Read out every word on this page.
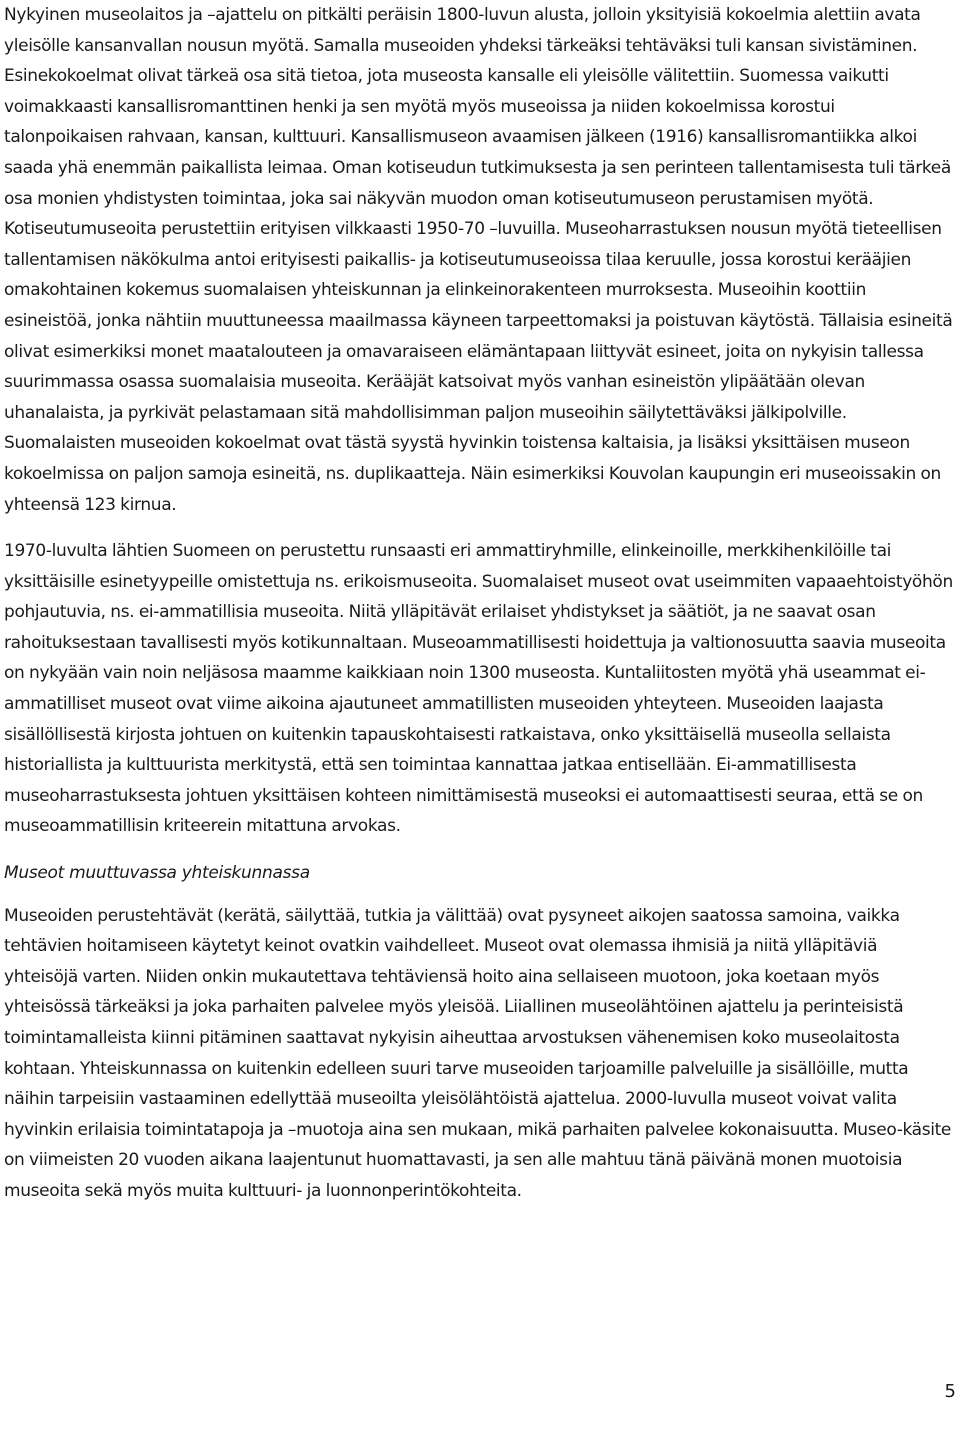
Nykyinen museolaitos ja –ajattelu on pitkälti peräisin 1800-luvun alusta, jolloin yksityisiä kokoelmia alettiin avata yleisölle kansanvallan nousun myötä. Samalla museoiden yhdeksi tärkeäksi tehtäväksi tuli kansan sivistäminen. Esinekokoelmat olivat tärkeä osa sitä tietoa, jota museosta kansalle eli yleisölle välitettiin. Suomessa vaikutti voimakkaasti kansallisromanttinen henki ja sen myötä myös museoissa ja niiden kokoelmissa korostui talonpoikaisen rahvaan, kansan, kulttuuri. Kansallismuseon avaamisen jälkeen (1916) kansallisromantiikka alkoi saada yhä enemmän paikallista leimaa. Oman kotiseudun tutkimuksesta ja sen perinteen tallentamisesta tuli tärkeä osa monien yhdistysten toimintaa, joka sai näkyvän muodon oman kotiseutumuseon perustamisen myötä. Kotiseutumuseoita perustettiin erityisen vilkkaasti 1950-70 –luvuilla. Museoharrastuksen nousun myötä tieteellisen tallentamisen näkökulma antoi erityisesti paikallis- ja kotiseutumuseoissa tilaa keruulle, jossa korostui kerääjien omakohtainen kokemus suomalaisen yhteiskunnan ja elinkeinorakenteen murroksesta. Museoihin koottiin esineistöä, jonka nähtiin muuttuneessa maailmassa käyneen tarpeettomaksi ja poistuvan käytöstä. Tällaisia esineitä olivat esimerkiksi monet maatalouteen ja omavaraiseen elämäntapaan liittyvät esineet, joita on nykyisin tallessa suurimmassa osassa suomalaisia museoita. Kerääjät katsoivat myös vanhan esineistön ylipäätään olevan uhanalaista, ja pyrkivät pelastamaan sitä mahdollisimman paljon museoihin säilytettäväksi jälkipolville. Suomalaisten museoiden kokoelmat ovat tästä syystä hyvinkin toistensa kaltaisia, ja lisäksi yksittäisen museon kokoelmissa on paljon samoja esineitä, ns. duplikaatteja. Näin esimerkiksi Kouvolan kaupungin eri museoissakin on yhteensä 123 kirnua.

1970-luvulta lähtien Suomeen on perustettu runsaasti eri ammattiryhmille, elinkeinoille, merkkihenkilöille tai yksittäisille esinetyypeille omistettuja ns. erikoismuseoita. Suomalaiset museot ovat useimmiten vapaaehtoistyöhön pohjautuvia, ns. ei-ammatillisia museoita. Niitä ylläpitävät erilaiset yhdistykset ja säätiöt, ja ne saavat osan rahoituksestaan tavallisesti myös kotikunnaltaan. Museoammatillisesti hoidettuja ja valtionosuutta saavia museoita on nykyään vain noin neljäsosa maamme kaikkiaan noin 1300 museosta. Kuntaliitosten myötä yhä useammat ei-ammatilliset museot ovat viime aikoina ajautuneet ammatillisten museoiden yhteyteen. Museoiden laajasta sisällöllisestä kirjosta johtuen on kuitenkin tapauskohtaisesti ratkaistava, onko yksittäisellä museolla sellaista historiallista ja kulttuurista merkitystä, että sen toimintaa kannattaa jatkaa entisellään. Ei-ammatillisesta museoharrastuksesta johtuen yksittäisen kohteen nimittämisestä museoksi ei automaattisesti seuraa, että se on museoammatillisin kriteerein mitattuna arvokas.

Museot muuttuvassa yhteiskunnassa

Museoiden perustehtävät (kerätä, säilyttää, tutkia ja välittää) ovat pysyneet aikojen saatossa samoina, vaikka tehtävien hoitamiseen käytetyt keinot ovatkin vaihdelleet. Museot ovat olemassa ihmisiä ja niitä ylläpitäviä yhteisöjä varten. Niiden onkin mukautettava tehtäviensä hoito aina sellaiseen muotoon, joka koetaan myös yhteisössä tärkeäksi ja joka parhaiten palvelee myös yleisöä. Liiallinen museolähtöinen ajattelu ja perinteisistä toimintamalleista kiinni pitäminen saattavat nykyisin aiheuttaa arvostuksen vähenemisen koko museolaitosta kohtaan. Yhteiskunnassa on kuitenkin edelleen suuri tarve museoiden tarjoamille palveluille ja sisällöille, mutta näihin tarpeisiin vastaaminen edellyttää museoilta yleisölähtöistä ajattelua. 2000-luvulla museot voivat valita hyvinkin erilaisia toimintatapoja ja –muotoja aina sen mukaan, mikä parhaiten palvelee kokonaisuutta. Museo-käsite on viimeisten 20 vuoden aikana laajentunut huomattavasti, ja sen alle mahtuu tänä päivänä monen muotoisia museoita sekä myös muita kulttuuri- ja luonnonperintökohteita.

5
